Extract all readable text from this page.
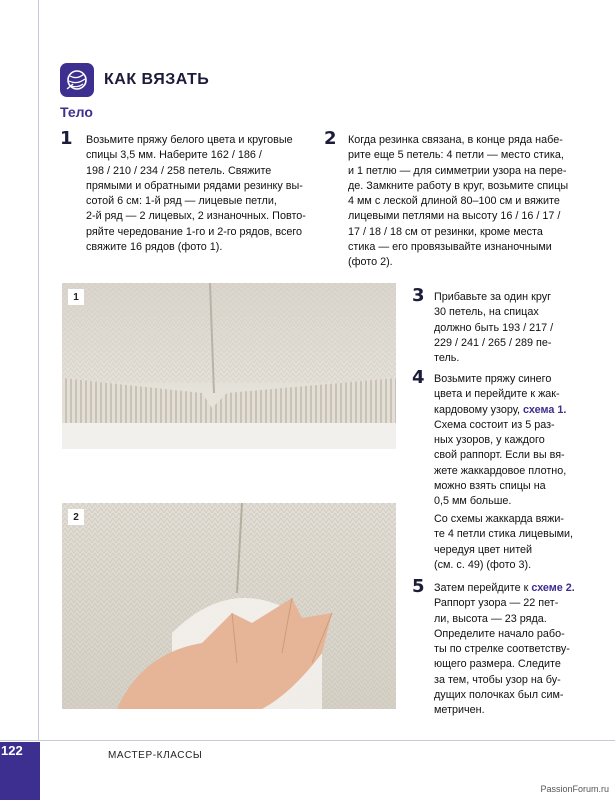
КАК ВЯЗАТЬ
Тело
1 Возьмите пряжу белого цвета и круговые

спицы 3,5 мм. Наберите 162 / 186 /

198 / 210 / 234 / 258 петель. Свяжите

прямыми и обратными рядами резинку вы-

сотой 6 см: 1-й ряд — лицевые петли,

2-й ряд — 2 лицевых, 2 изнаночных. Повто-

ряйте чередование 1-го и 2-го рядов, всего

свяжите 16 рядов (фото 1).

2 Когда резинка связана, в конце ряда набе-

рите еще 5 петель: 4 петли — место стика,

и 1 петлю — для симметрии узора на пере-

де. Замкните работу в круг, возьмите спицы

4 мм с леской длиной 80–100 см и вяжите

лицевыми петлями на высоту 16 / 16 / 17 /

17 / 18 / 18 см от резинки, кроме места

стика — его провязывайте изнаночными

(фото 2).

1
2
3 Прибавьте за один круг

30 петель, на спицах

должно быть 193 / 217 /

229 / 241 / 265 / 289 пе-

тель.

4 Возьмите пряжу синего

цвета и перейдите к жак-

кардовому узору, схема 1.

Схема состоит из 5 раз-

ных узоров, у каждого

свой раппорт. Если вы вя-

жете жаккардовое плотно,

можно взять спицы на

0,5 мм больше.

Со схемы жаккарда вяжи-

те 4 петли стика лицевыми,

чередуя цвет нитей

(см. с. 49) (фото 3).

5 Затем перейдите к схеме 2.

Раппорт узора — 22 пет-

ли, высота — 23 ряда.

Определите начало рабо-

ты по стрелке соответству-

ющего размера. Следите

за тем, чтобы узор на бу-

дущих полочках был сим-

метричен.

122	МАСТЕР-КЛАССЫ
PassionForum.ru
